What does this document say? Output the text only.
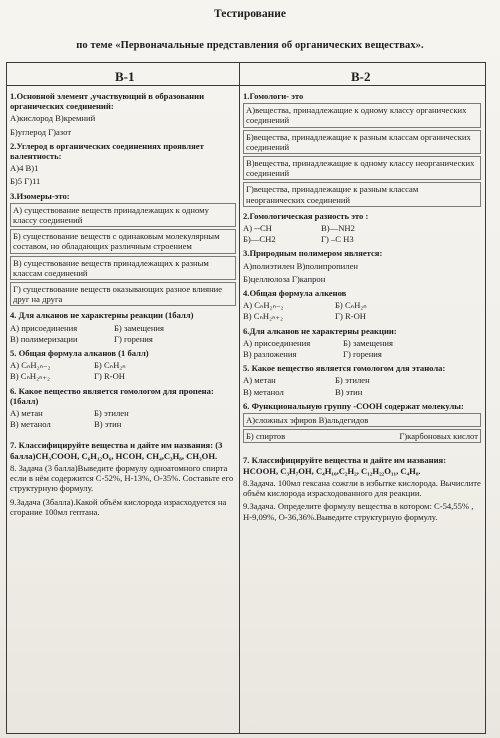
Тестирование
по теме «Первоначальные представления об органических веществах».
В-1	В-2
1.Основной элемент ,участвующий в образовании органических соединений:
А)кислород В)кремний
Б)углерод Г)азот
2.Углерод в органических соединениях проявляет валентность:
А)4 В)1
Б)5 Г)11
3.Изомеры-это:
А) существование веществ принадлежащих к одному классу соединений
Б) существование веществ с одинаковым молекулярным составом, но обладающих различным строением
В) существование веществ принадлежащих к разным классам соединений
Г) существование веществ оказывающих разное влияние друг на друга
4. Для алканов не характерны реакции (1балл)
А) присоединения	Б) замещения
В) полимеризации	Г) горения
5. Общая формула алканов (1 балл)
А) CₙH₂ₙ₋₂	Б) CₙH₂ₙ
В) CₙH₂ₙ₊₂	Г) R-OH
6. Какое вещество является гомологом для пропена: (1балл)
А) метан	Б) этилен
В) метанол	В) этин
7. Классифицируйте вещества и дайте им названия: (3 балла)CH₃COOH, C₆H₁₂O₆, HCOH, CH₄,C₃H₈, CH₃OH.
8. Задача (3 балла)Выведите формулу одноатомного спирта если в нём содержится C-52%, H-13%, O-35%. Составьте его структурную формулу.
9.Задача (3балла).Какой объём кислорода израсходуется на сгорание 100мл гептана.
1.Гомологи- это
А)вещества, принадлежащие к одному классу органических соединений
Б)вещества, принадлежащие к разным классам органических соединений
В)вещества, принадлежащие к одному классу неорганических соединений
Г)вещества, принадлежащие к разным классам неорганических соединений
2.Гомологическая разность это :
А) --CH	В)—NH2
Б)—CH2	Г) –C H3
3.Природным полимером является:
А)полиэтилен В)полипропилен
Б)целлюлоза Г)капрон
4.Общая формула алкенов
А) CₙH₂ₙ₋₂	Б) CₙH₂ₙ
В) CₙH₂ₙ₊₂	Г) R-OH
6.Для алканов не характерны реакции:
А) присоединения	Б) замещения
В) разложения	Г) горения
5. Какое вещество является гомологом для этанола:
А) метан	Б) этилен
В) метанол	В) этин
6. Функциональную группу -COOH содержат молекулы:
А)сложных эфиров В)альдегидов
Б) спиртов	Г)карбоновых кислот
7. Классифицируйте вещества и дайте им названия: HCOOH, C₃H₇OH, C₄H₁₀,C₂H₂, C₁₂H₂₂O₁₁, C₄H₈.
8.Задача. 100мл гексана сожгли в избытке кислорода. Вычислите объём кислорода израсходованного для реакции.
9.Задача. Определите формулу вещества в котором: C-54,55% , H-9,09%, O-36,36%.Выведите структурную формулу.
